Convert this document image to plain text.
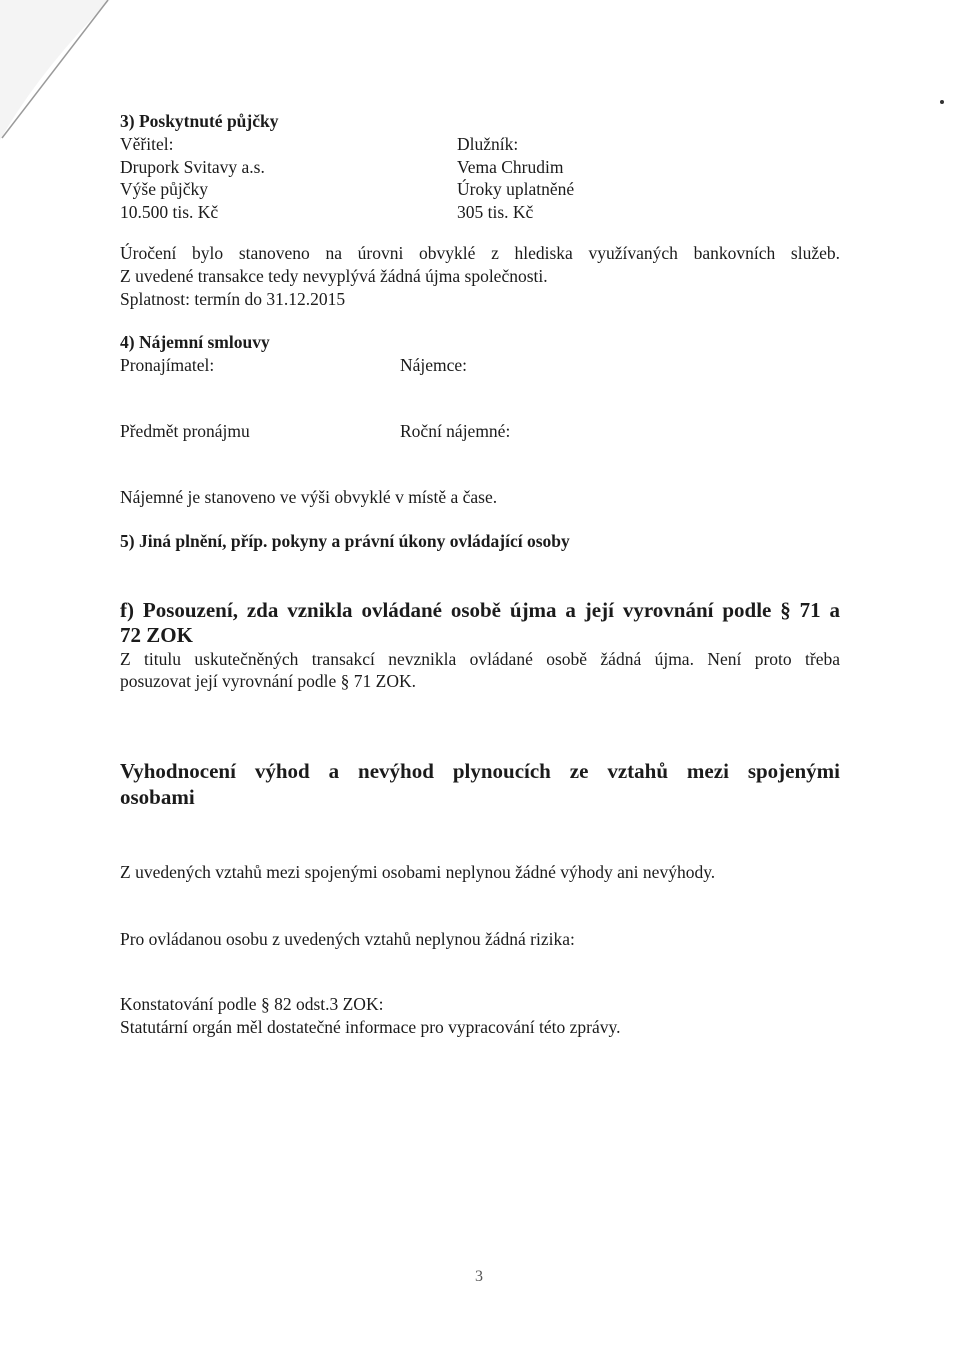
3) Poskytnuté půjčky
Věřitel:
Drupork Svitavy a.s.
Výše půjčky
10.500 tis. Kč
Dlužník:
Vema Chrudim
Úroky uplatněné
305 tis. Kč
Úročení bylo stanoveno na úrovni obvyklé z hlediska využívaných bankovních služeb.
Z uvedené transakce tedy nevyplývá žádná újma společnosti.
Splatnost: termín do 31.12.2015
4) Nájemní smlouvy
Pronajímatel:	Nájemce:
Předmět pronájmu	Roční nájemné:
Nájemné je stanoveno ve výši obvyklé v místě a čase.
5) Jiná plnění, příp. pokyny a právní úkony ovládající osoby
f) Posouzení, zda vznikla ovládané osobě újma a její vyrovnání podle § 71 a
72 ZOK
Z titulu uskutečněných transakcí nevznikla ovládané osobě žádná újma. Není proto třeba
posuzovat její vyrovnání podle § 71 ZOK.
Vyhodnocení výhod a nevýhod plynoucích ze vztahů mezi spojenými
osobami
Z uvedených vztahů mezi spojenými osobami neplynou žádné výhody ani nevýhody.
Pro ovládanou osobu z uvedených vztahů neplynou žádná rizika:
Konstatování podle § 82 odst.3 ZOK:
Statutární orgán měl dostatečné informace pro vypracování této zprávy.
3
